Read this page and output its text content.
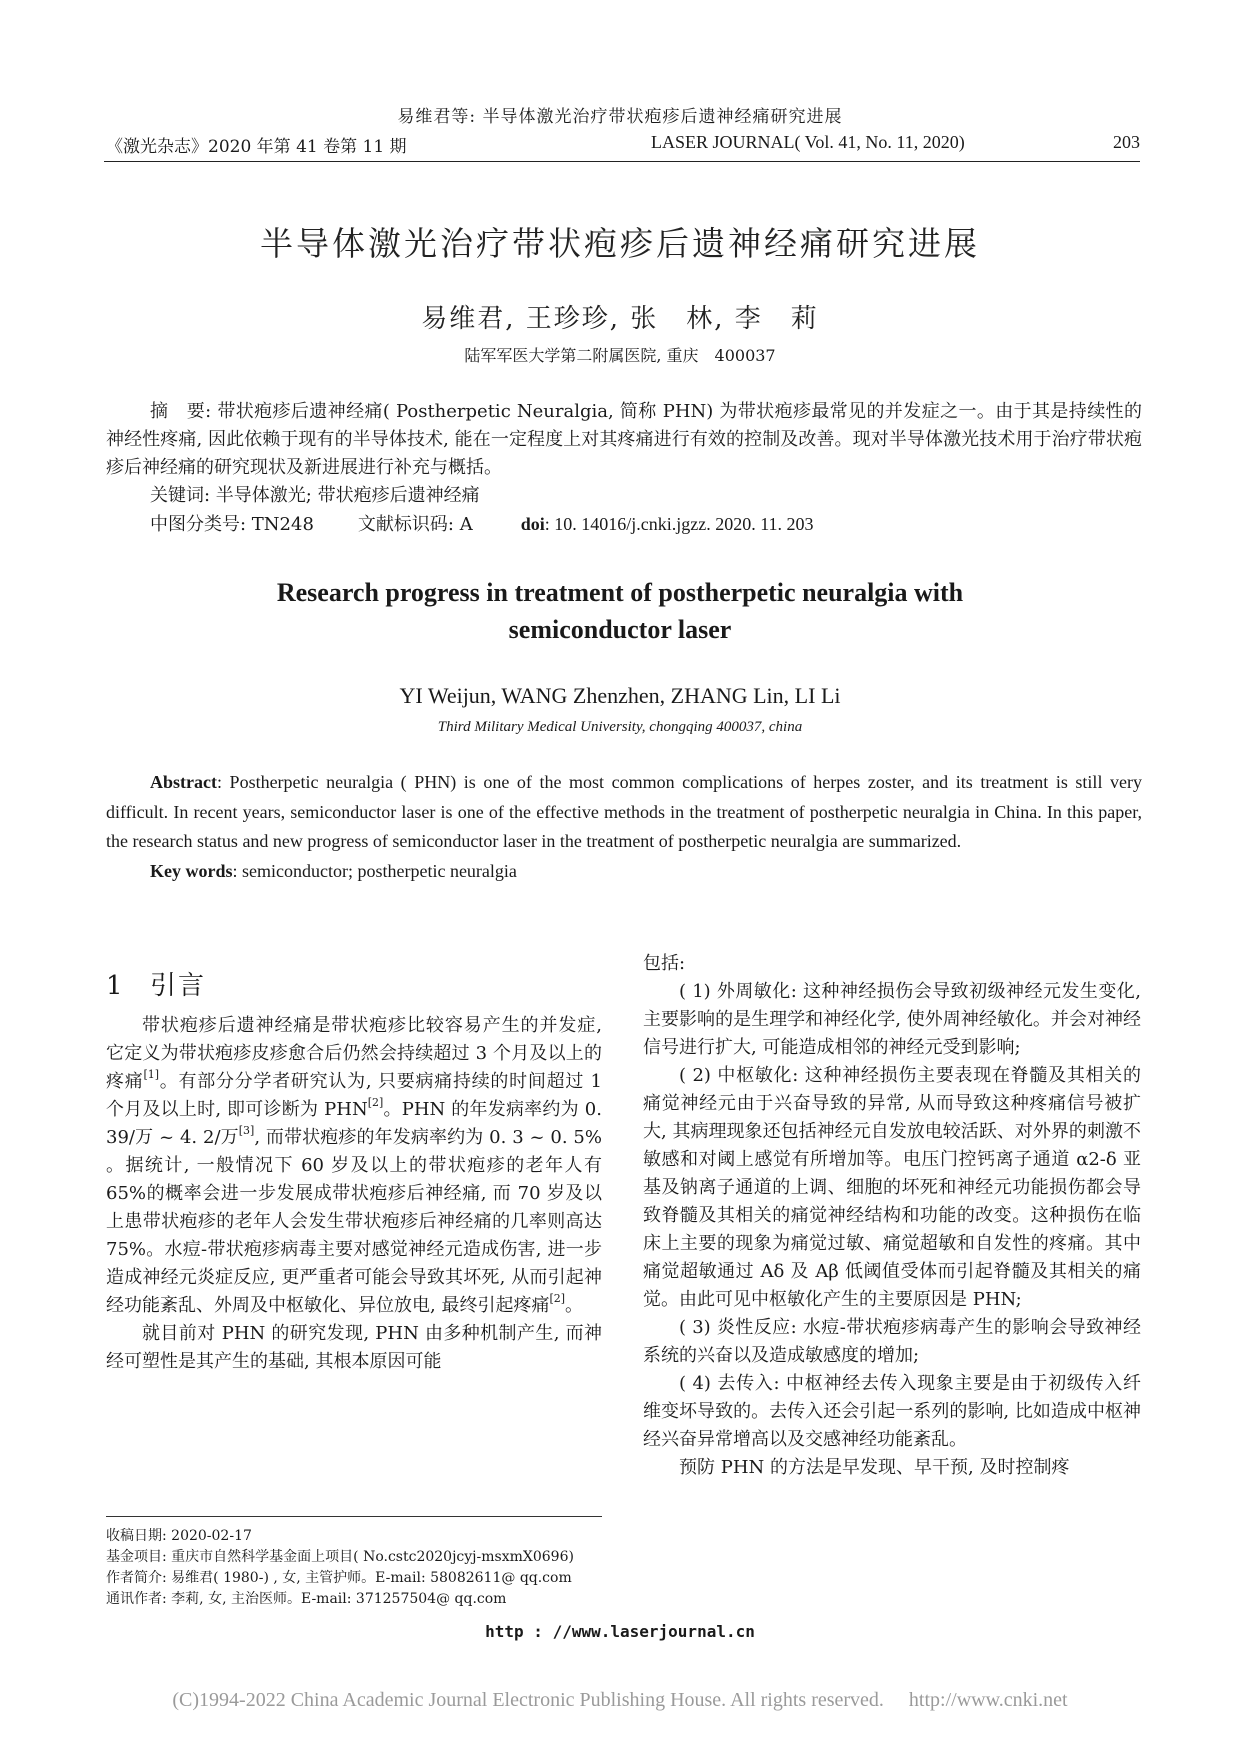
易维君等: 半导体激光治疗带状疱疹后遗神经痛研究进展
《激光杂志》2020 年第 41 卷第 11 期	LASER JOURNAL( Vol. 41, No. 11, 2020)	203
半导体激光治疗带状疱疹后遗神经痛研究进展
易维君, 王珍珍, 张　林, 李　莉
陆军军医大学第二附属医院, 重庆　400037
摘　要: 带状疱疹后遗神经痛( Postherpetic Neuralgia, 简称 PHN) 为带状疱疹最常见的并发症之一。由于其是持续性的神经性疼痛, 因此依赖于现有的半导体技术, 能在一定程度上对其疼痛进行有效的控制及改善。现对半导体激光技术用于治疗带状疱疹后神经痛的研究现状及新进展进行补充与概括。
关键词: 半导体激光; 带状疱疹后遗神经痛
中图分类号: TN248 文献标识码: A	doi: 10. 14016/j.cnki.jgzz. 2020. 11. 203
Research progress in treatment of postherpetic neuralgia with
semiconductor laser
YI Weijun, WANG Zhenzhen, ZHANG Lin, LI Li
Third Military Medical University, chongqing 400037, china
Abstract: Postherpetic neuralgia ( PHN) is one of the most common complications of herpes zoster, and its treatment is still very difficult. In recent years, semiconductor laser is one of the effective methods in the treatment of postherpetic neuralgia in China. In this paper, the research status and new progress of semiconductor laser in the treatment of postherpetic neuralgia are summarized.
Key words: semiconductor; postherpetic neuralgia
1 引言

带状疱疹后遗神经痛是带状疱疹比较容易产生的并发症, 它定义为带状疱疹皮疹愈合后仍然会持续超过 3 个月及以上的疼痛[1]。有部分分学者研究认为, 只要病痛持续的时间超过 1 个月及以上时, 即可诊断为 PHN[2]。PHN 的年发病率约为 0. 39/万 ~ 4. 2/万[3], 而带状疱疹的年发病率约为 0. 3 ~ 0. 5% 。据统计, 一般情况下 60 岁及以上的带状疱疹的老年人有 65%的概率会进一步发展成带状疱疹后神经痛, 而 70 岁及以上患带状疱疹的老年人会发生带状疱疹后神经痛的几率则高达 75%。水痘-带状疱疹病毒主要对感觉神经元造成伤害, 进一步造成神经元炎症反应, 更严重者可能会导致其坏死, 从而引起神经功能紊乱、外周及中枢敏化、异位放电, 最终引起疼痛[2]。

就目前对 PHN 的研究发现, PHN 由多种机制产生, 而神经可塑性是其产生的基础, 其根本原因可能

包括:

( 1) 外周敏化: 这种神经损伤会导致初级神经元发生变化, 主要影响的是生理学和神经化学, 使外周神经敏化。并会对神经信号进行扩大, 可能造成相邻的神经元受到影响;

( 2) 中枢敏化: 这种神经损伤主要表现在脊髓及其相关的痛觉神经元由于兴奋导致的异常, 从而导致这种疼痛信号被扩大, 其病理现象还包括神经元自发放电较活跃、对外界的刺激不敏感和对阈上感觉有所增加等。电压门控钙离子通道 α2-δ 亚基及钠离子通道的上调、细胞的坏死和神经元功能损伤都会导致脊髓及其相关的痛觉神经结构和功能的改变。这种损伤在临床上主要的现象为痛觉过敏、痛觉超敏和自发性的疼痛。其中痛觉超敏通过 Aδ 及 Aβ 低阈值受体而引起脊髓及其相关的痛觉。由此可见中枢敏化产生的主要原因是 PHN;

( 3) 炎性反应: 水痘-带状疱疹病毒产生的影响会导致神经系统的兴奋以及造成敏感度的增加;

( 4) 去传入: 中枢神经去传入现象主要是由于初级传入纤维变坏导致的。去传入还会引起一系列的影响, 比如造成中枢神经兴奋异常增高以及交感神经功能紊乱。

预防 PHN 的方法是早发现、早干预, 及时控制疼

收稿日期: 2020-02-17
基金项目: 重庆市自然科学基金面上项目( No.cstc2020jcyj-msxmX0696)
作者简介: 易维君( 1980-) , 女, 主管护师。E-mail: 58082611@ qq.com
通讯作者: 李莉, 女, 主治医师。E-mail: 371257504@ qq.com
http : //www.laserjournal.cn
(C)1994-2022 China Academic Journal Electronic Publishing House. All rights reserved.　 http://www.cnki.net
